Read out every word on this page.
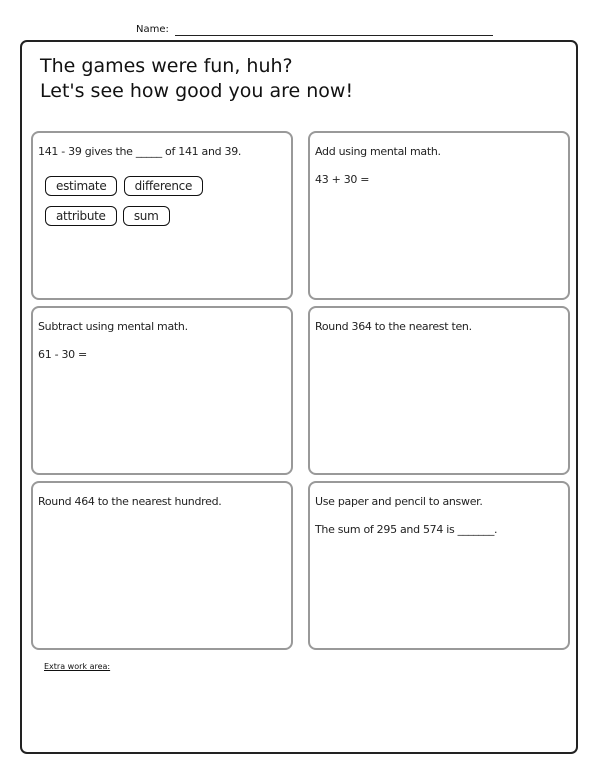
Name:
The games were fun, huh?
Let's see how good you are now!

141 - 39 gives the _____ of 141 and 39.

estimate difference attribute sum

Add using mental math.

43 + 30 =

Subtract using mental math.

61 - 30 =

Round 364 to the nearest ten.

Round 464 to the nearest hundred.	Use paper and pencil to answer.

The sum of 295 and 574 is _______.

Extra work area:
